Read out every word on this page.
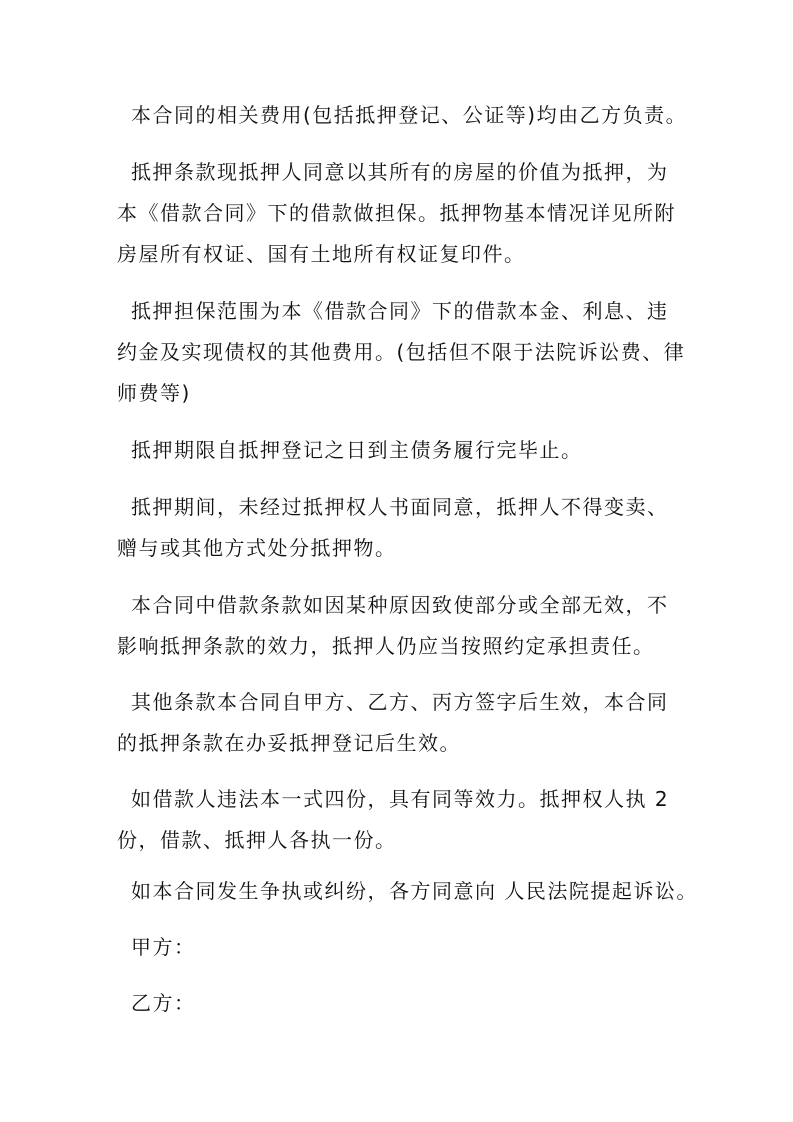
本合同的相关费用(包括抵押登记、公证等)均由乙方负责。
抵押条款现抵押人同意以其所有的房屋的价值为抵押，为
本《借款合同》下的借款做担保。抵押物基本情况详见所附
房屋所有权证、国有土地所有权证复印件。
抵押担保范围为本《借款合同》下的借款本金、利息、违
约金及实现债权的其他费用。(包括但不限于法院诉讼费、律
师费等)
抵押期限自抵押登记之日到主债务履行完毕止。
抵押期间，未经过抵押权人书面同意，抵押人不得变卖、
赠与或其他方式处分抵押物。
本合同中借款条款如因某种原因致使部分或全部无效，不
影响抵押条款的效力，抵押人仍应当按照约定承担责任。
其他条款本合同自甲方、乙方、丙方签字后生效，本合同
的抵押条款在办妥抵押登记后生效。
如借款人违法本一式四份，具有同等效力。抵押权人执 2
份，借款、抵押人各执一份。
如本合同发生争执或纠纷，各方同意向 人民法院提起诉讼。
甲方：
乙方：
